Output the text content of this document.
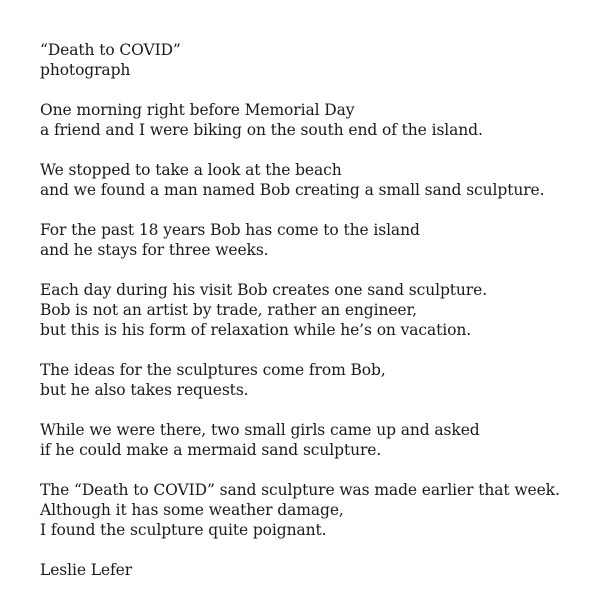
“Death to COVID”
photograph
One morning right before Memorial Day
a friend and I were biking on the south end of the island.
We stopped to take a look at the beach
and we found a man named Bob creating a small sand sculpture.
For the past 18 years Bob has come to the island
and he stays for three weeks.
Each day during his visit Bob creates one sand sculpture.
Bob is not an artist by trade, rather an engineer,
but this is his form of relaxation while he’s on vacation.
The ideas for the sculptures come from Bob,
but he also takes requests.
While we were there, two small girls came up and asked
if he could make a mermaid sand sculpture.
The “Death to COVID” sand sculpture was made earlier that week.
Although it has some weather damage,
I found the sculpture quite poignant.
Leslie Lefer
